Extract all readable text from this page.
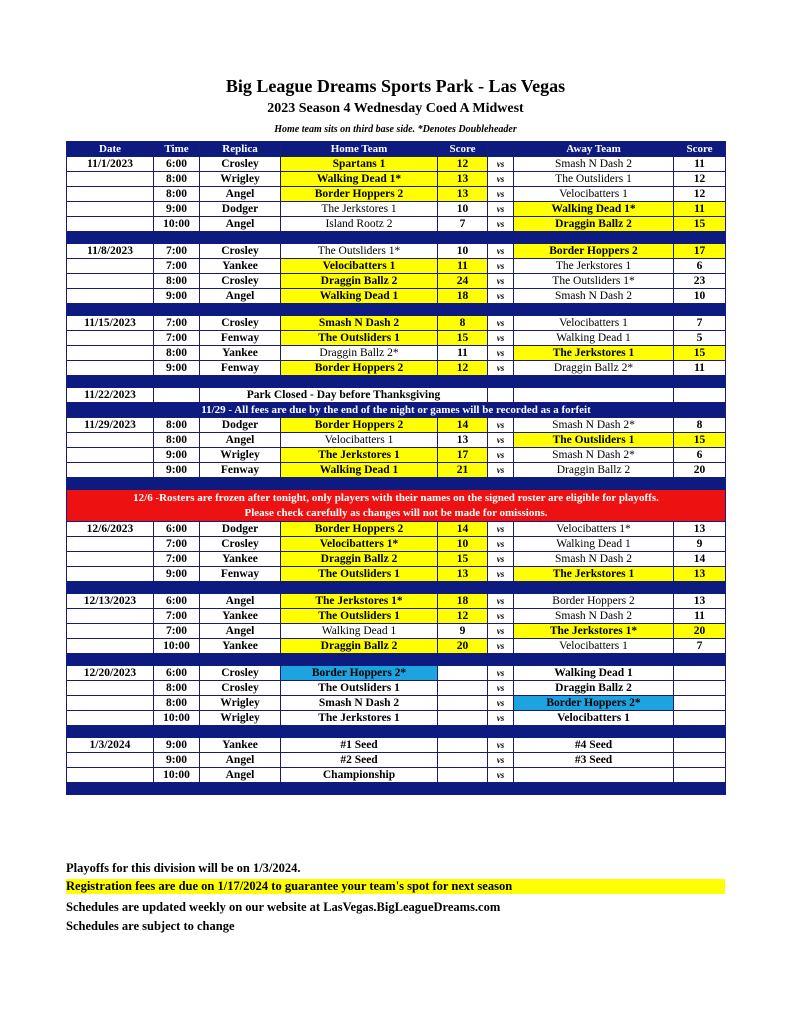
Big League Dreams Sports Park - Las Vegas
2023 Season 4 Wednesday Coed A Midwest
Home team sits on third base side. *Denotes Doubleheader
Date	Time	Replica	Home Team	Score		Away Team	Score
11/1/2023	6:00	Crosley	Spartans 1	12	vs	Smash N Dash 2	11
	8:00	Wrigley	Walking Dead 1*	13	vs	The Outsliders 1	12
	8:00	Angel	Border Hoppers 2	13	vs	Velocibatters 1	12
	9:00	Dodger	The Jerkstores 1	10	vs	Walking Dead 1*	11
	10:00	Angel	Island Rootz 2	7	vs	Draggin Ballz 2	15

11/8/2023	7:00	Crosley	The Outsliders 1*	10	vs	Border Hoppers 2	17
	7:00	Yankee	Velocibatters 1	11	vs	The Jerkstores 1	6
	8:00	Crosley	Draggin Ballz 2	24	vs	The Outsliders 1*	23
	9:00	Angel	Walking Dead 1	18	vs	Smash N Dash 2	10

11/15/2023	7:00	Crosley	Smash N Dash 2	8	vs	Velocibatters 1	7
	7:00	Fenway	The Outsliders 1	15	vs	Walking Dead 1	5
	8:00	Yankee	Draggin Ballz 2*	11	vs	The Jerkstores 1	15
	9:00	Fenway	Border Hoppers 2	12	vs	Draggin Ballz 2*	11

11/22/2023		Park Closed - Day before Thanksgiving					
11/29 - All fees are due by the end of the night or games will be recorded as a forfeit							
11/29/2023	8:00	Dodger	Border Hoppers 2	14	vs	Smash N Dash 2*	8
	8:00	Angel	Velocibatters 1	13	vs	The Outsliders 1	15
	9:00	Wrigley	The Jerkstores 1	17	vs	Smash N Dash 2*	6
	9:00	Fenway	Walking Dead 1	21	vs	Draggin Ballz 2	20

12/6 -Rosters are frozen after tonight, only players with their names on the signed roster are eligible for playoffs.
Please check carefully as changes will not be made for omissions.							

12/6/2023	6:00	Dodger	Border Hoppers 2	14	vs	Velocibatters 1*	13
	7:00	Crosley	Velocibatters 1*	10	vs	Walking Dead 1	9
	7:00	Yankee	Draggin Ballz 2	15	vs	Smash N Dash 2	14
	9:00	Fenway	The Outsliders 1	13	vs	The Jerkstores 1	13

12/13/2023	6:00	Angel	The Jerkstores 1*	18	vs	Border Hoppers 2	13
	7:00	Yankee	The Outsliders 1	12	vs	Smash N Dash 2	11
	7:00	Angel	Walking Dead 1	9	vs	The Jerkstores 1*	20
	10:00	Yankee	Draggin Ballz 2	20	vs	Velocibatters 1	7

12/20/2023	6:00	Crosley	Border Hoppers 2*		vs	Walking Dead 1	
	8:00	Crosley	The Outsliders 1		vs	Draggin Ballz 2	
	8:00	Wrigley	Smash N Dash 2		vs	Border Hoppers 2*	
	10:00	Wrigley	The Jerkstores 1		vs	Velocibatters 1	

1/3/2024	9:00	Yankee	#1 Seed		vs	#4 Seed	
	9:00	Angel	#2 Seed		vs	#3 Seed	
	10:00	Angel	Championship		vs		

Playoffs for this division will be on 1/3/2024.
Registration fees are due on 1/17/2024 to guarantee your team's spot for next season
Schedules are updated weekly on our website at LasVegas.BigLeagueDreams.com
Schedules are subject to change
